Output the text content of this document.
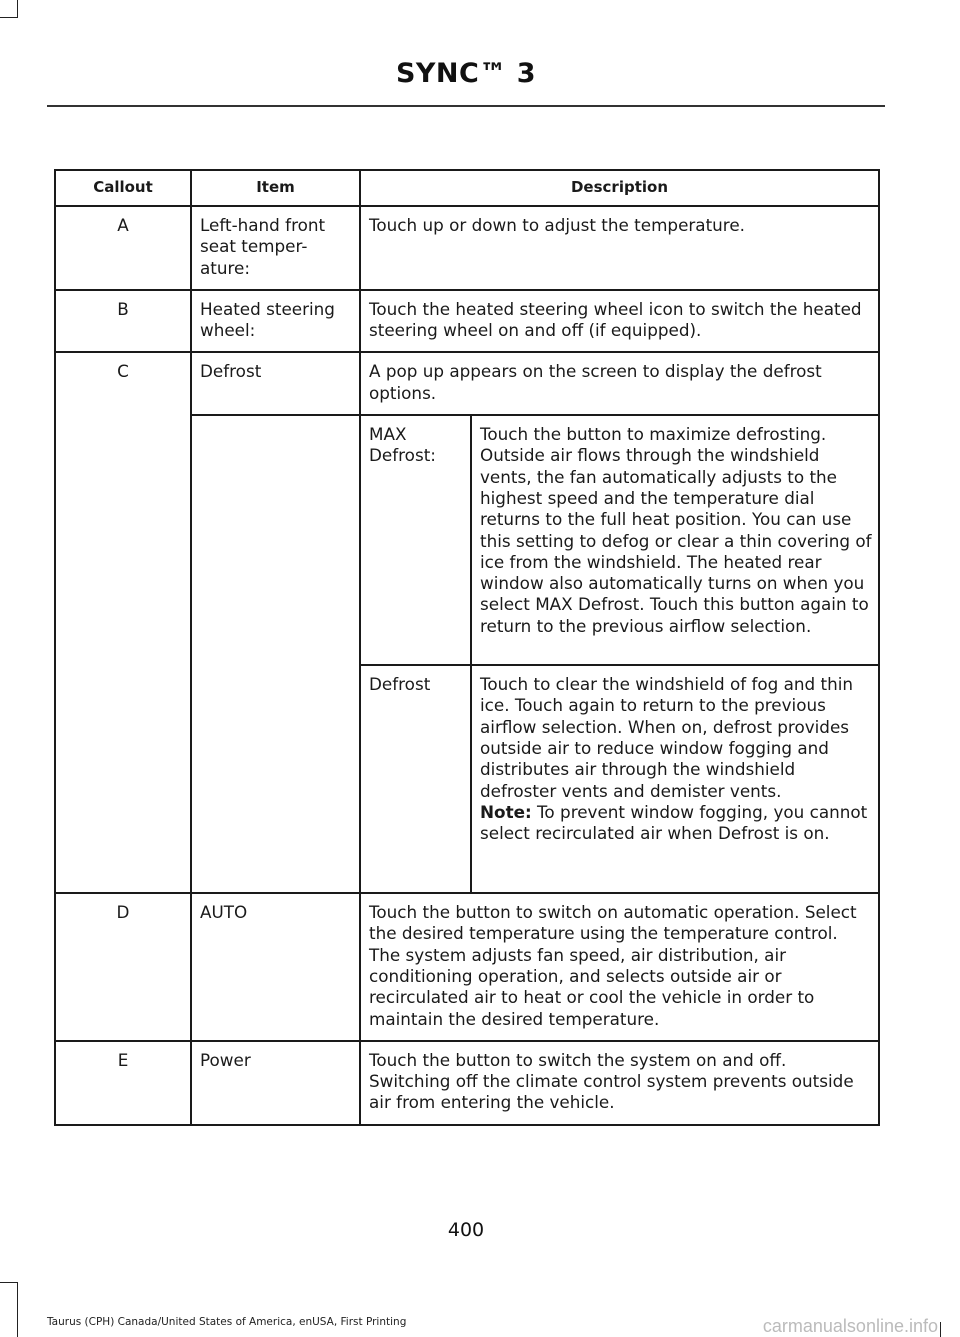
SYNC™ 3
Callout	Item	Description	
A	Left-hand front seat temper-ature:	Touch up or down to adjust the temperature.	
B	Heated steering wheel:	Touch the heated steering wheel icon to switch the heated steering wheel on and off (if equipped).	
C	Defrost	A pop up appears on the screen to display the defrost options.	
		MAX Defrost:	Touch the button to maximize defrosting. Outside air flows through the windshield vents, the fan automatically adjusts to the highest speed and the temperature dial returns to the full heat position. You can use this setting to defog or clear a thin covering of ice from the windshield. The heated rear window also automatically turns on when you select MAX Defrost. Touch this button again to return to the previous airflow selection.
		Defrost	Touch to clear the windshield of fog and thin ice. Touch again to return to the previous airflow selection. When on, defrost provides outside air to reduce window fogging and distributes air through the windshield defroster vents and demister vents.
Note: To prevent window fogging, you cannot select recirculated air when Defrost is on.
D	AUTO	Touch the button to switch on automatic operation. Select the desired temperature using the temperature control. The system adjusts fan speed, air distribution, air conditioning operation, and selects outside air or recirculated air to heat or cool the vehicle in order to maintain the desired temperature.	
E	Power	Touch the button to switch the system on and off. Switching off the climate control system prevents outside air from entering the vehicle.	
400
Taurus (CPH) Canada/United States of America, enUSA, First Printing	carmanualsonline.info
